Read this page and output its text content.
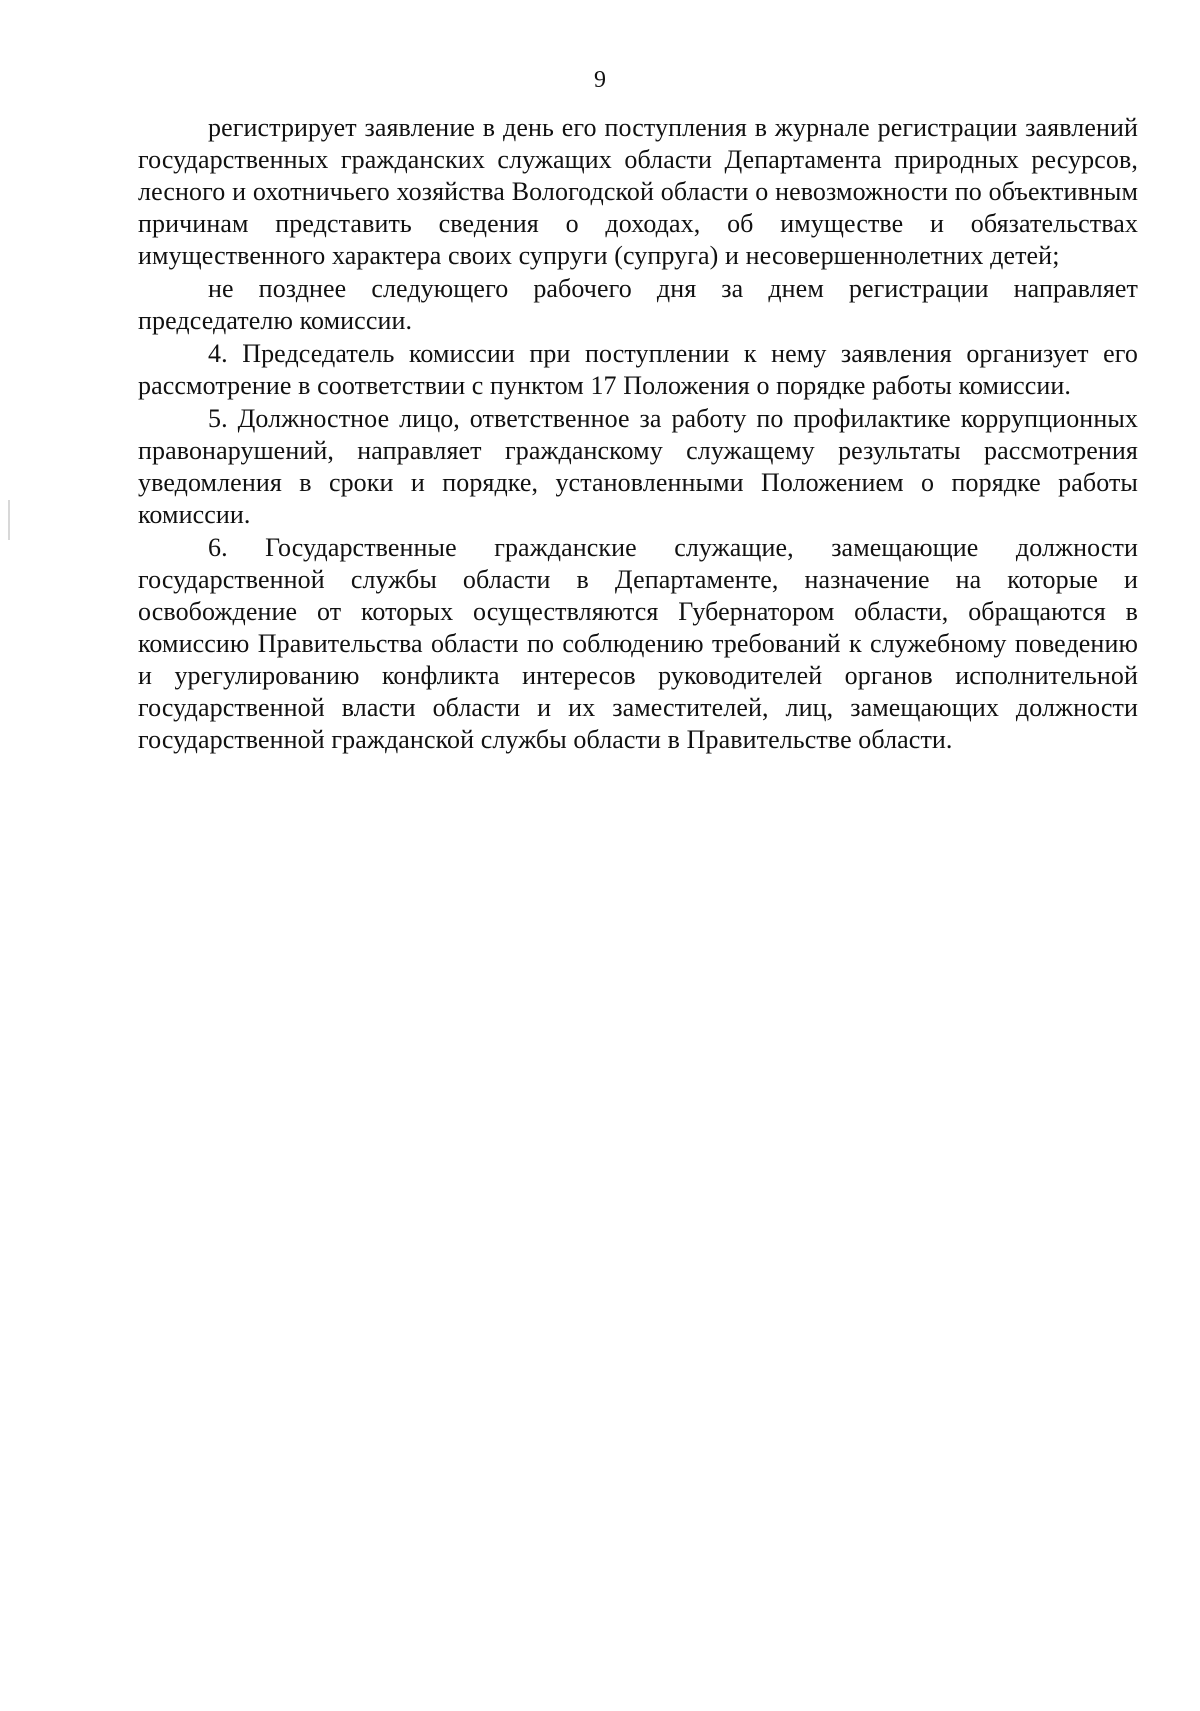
9

регистрирует заявление в день его поступления в журнале регистрации заявлений государственных гражданских служащих области Департамента природных ресурсов, лесного и охотничьего хозяйства Вологодской области о невозможности по объективным причинам представить сведения о доходах, об имуществе и обязательствах имущественного характера своих супруги (супруга) и несовершеннолетних детей;

не позднее следующего рабочего дня за днем регистрации направляет председателю комиссии.

4. Председатель комиссии при поступлении к нему заявления организует его рассмотрение в соответствии с пунктом 17 Положения о порядке работы комиссии.

5. Должностное лицо, ответственное за работу по профилактике коррупционных правонарушений, направляет гражданскому служащему результаты рассмотрения уведомления в сроки и порядке, установленными Положением о порядке работы комиссии.

6. Государственные гражданские служащие, замещающие должности государственной службы области в Департаменте, назначение на которые и освобождение от которых осуществляются Губернатором области, обращаются в комиссию Правительства области по соблюдению требований к служебному поведению и урегулированию конфликта интересов руководителей органов исполнительной государственной власти области и их заместителей, лиц, замещающих должности государственной гражданской службы области в Правительстве области.
